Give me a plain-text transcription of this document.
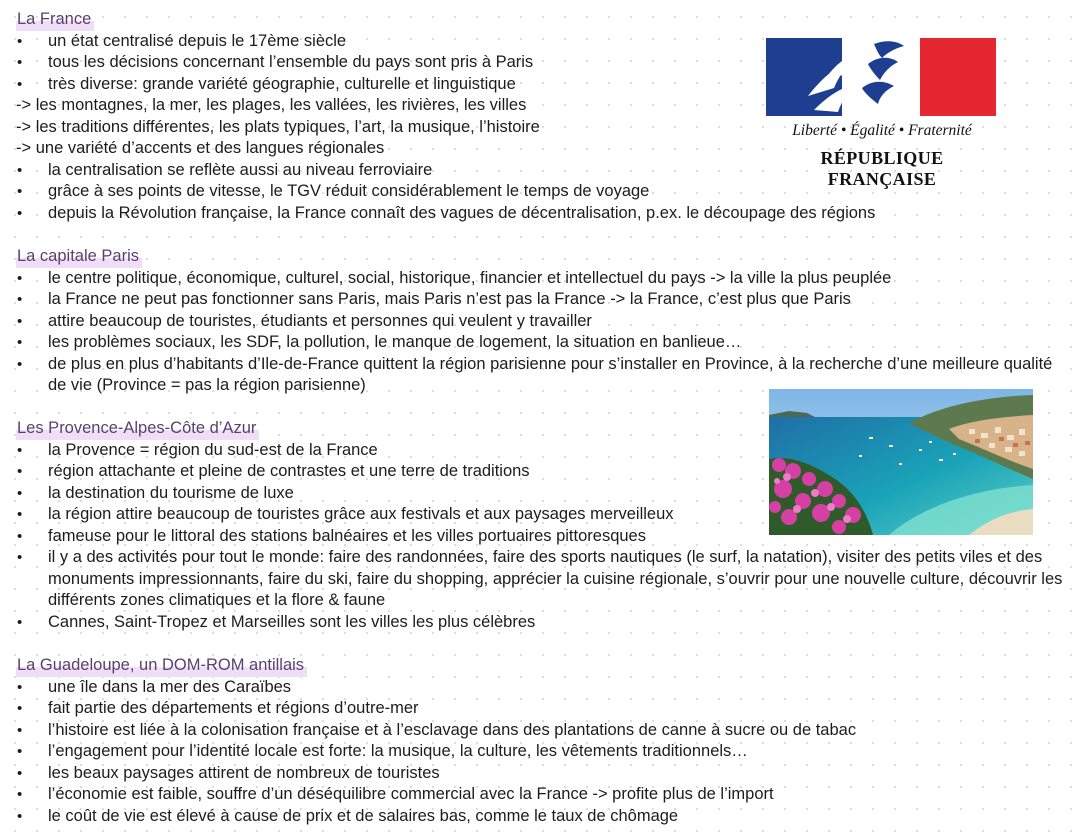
La France
• un état centralisé depuis le 17ème siècle
• tous les décisions concernant l’ensemble du pays sont pris à Paris
• très diverse: grande variété géographie, culturelle et linguistique
-> les montagnes, la mer, les plages, les vallées, les rivières, les villes
-> les traditions différentes, les plats typiques, l’art, la musique, l’histoire
-> une variété d’accents et des langues régionales
• la centralisation se reflète aussi au niveau ferroviaire
• grâce à ses points de vitesse, le TGV réduit considérablement le temps de voyage
• depuis la Révolution française, la France connaît des vagues de décentralisation, p.ex. le découpage des régions
La capitale Paris
• le centre politique, économique, culturel, social, historique, financier et intellectuel du pays -> la ville la plus peuplée
• la France ne peut pas fonctionner sans Paris, mais Paris n’est pas la France -> la France, c’est plus que Paris
• attire beaucoup de touristes, étudiants et personnes qui veulent y travailler
• les problèmes sociaux, les SDF, la pollution, le manque de logement, la situation en banlieue…
• de plus en plus d’habitants d’Ile-de-France quittent la région parisienne pour s’installer en Province, à la recherche d’une meilleure qualité de vie (Province = pas la région parisienne)
Les Provence-Alpes-Côte d’Azur
• la Provence = région du sud-est de la France
• région attachante et pleine de contrastes et une terre de traditions
• la destination du tourisme de luxe
• la région attire beaucoup de touristes grâce aux festivals et aux paysages merveilleux
• fameuse pour le littoral des stations balnéaires et les villes portuaires pittoresques
• il y a des activités pour tout le monde: faire des randonnées, faire des sports nautiques (le surf, la natation), visiter des petits viles et des monuments impressionnants, faire du ski, faire du shopping, apprécier la cuisine régionale, s’ouvrir pour une nouvelle culture, découvrir les différents zones climatiques et la flore & faune
• Cannes, Saint-Tropez et Marseilles sont les villes les plus célèbres
La Guadeloupe, un DOM-ROM antillais
• une île dans la mer des Caraïbes
• fait partie des départements et régions d’outre-mer
• l’histoire est liée à la colonisation française et à l’esclavage dans des plantations de canne à sucre ou de tabac
• l’engagement pour l’identité locale est forte: la musique, la culture, les vêtements traditionnels…
• les beaux paysages attirent de nombreux de touristes
• l’économie est faible, souffre d’un déséquilibre commercial avec la France -> profite plus de l’import
• le coût de vie est élevé à cause de prix et de salaires bas, comme le taux de chômage
Liberté • Égalité • Fraternité
RÉPUBLIQUE FRANÇAISE
